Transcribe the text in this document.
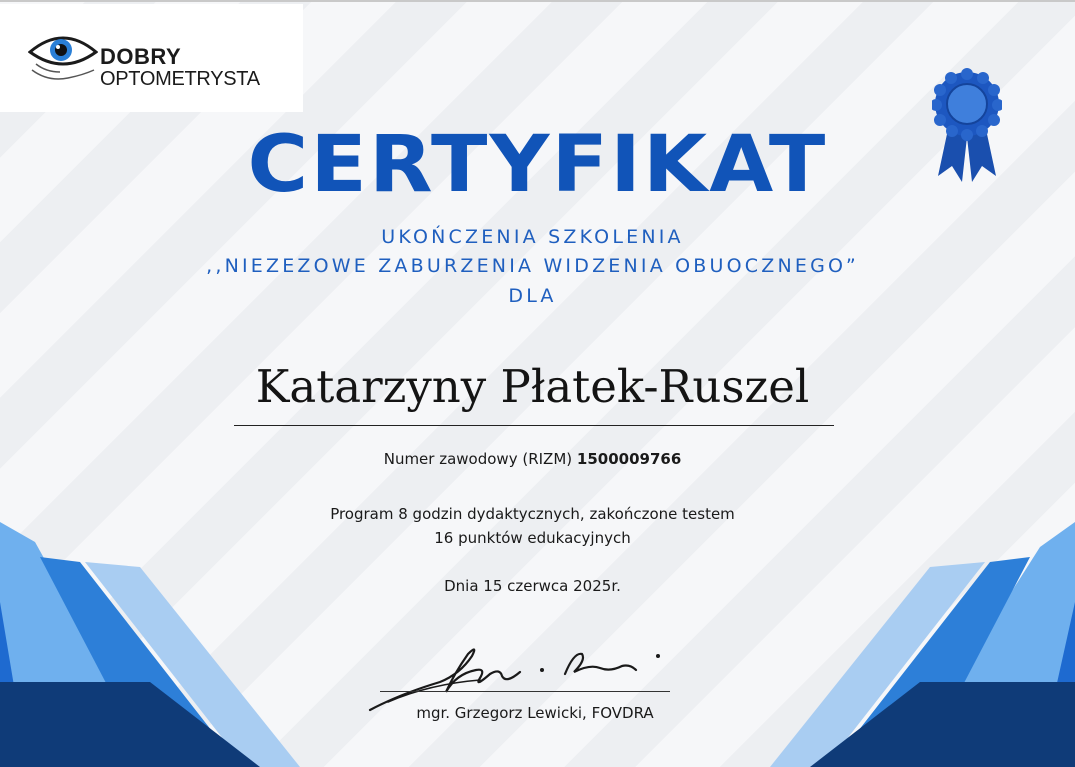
DOBRY
OPTOMETRYSTA
CERTYFIKAT
UKOŃCZENIA SZKOLENIA
,,NIEZEZOWE ZABURZENIA WIDZENIA OBUOCZNEGO”
DLA
Katarzyny Płatek-Ruszel
Numer zawodowy (RIZM) 1500009766
Program 8 godzin dydaktycznych, zakończone testem
16 punktów edukacyjnych
Dnia 15 czerwca 2025r.
mgr. Grzegorz Lewicki, FOVDRA
